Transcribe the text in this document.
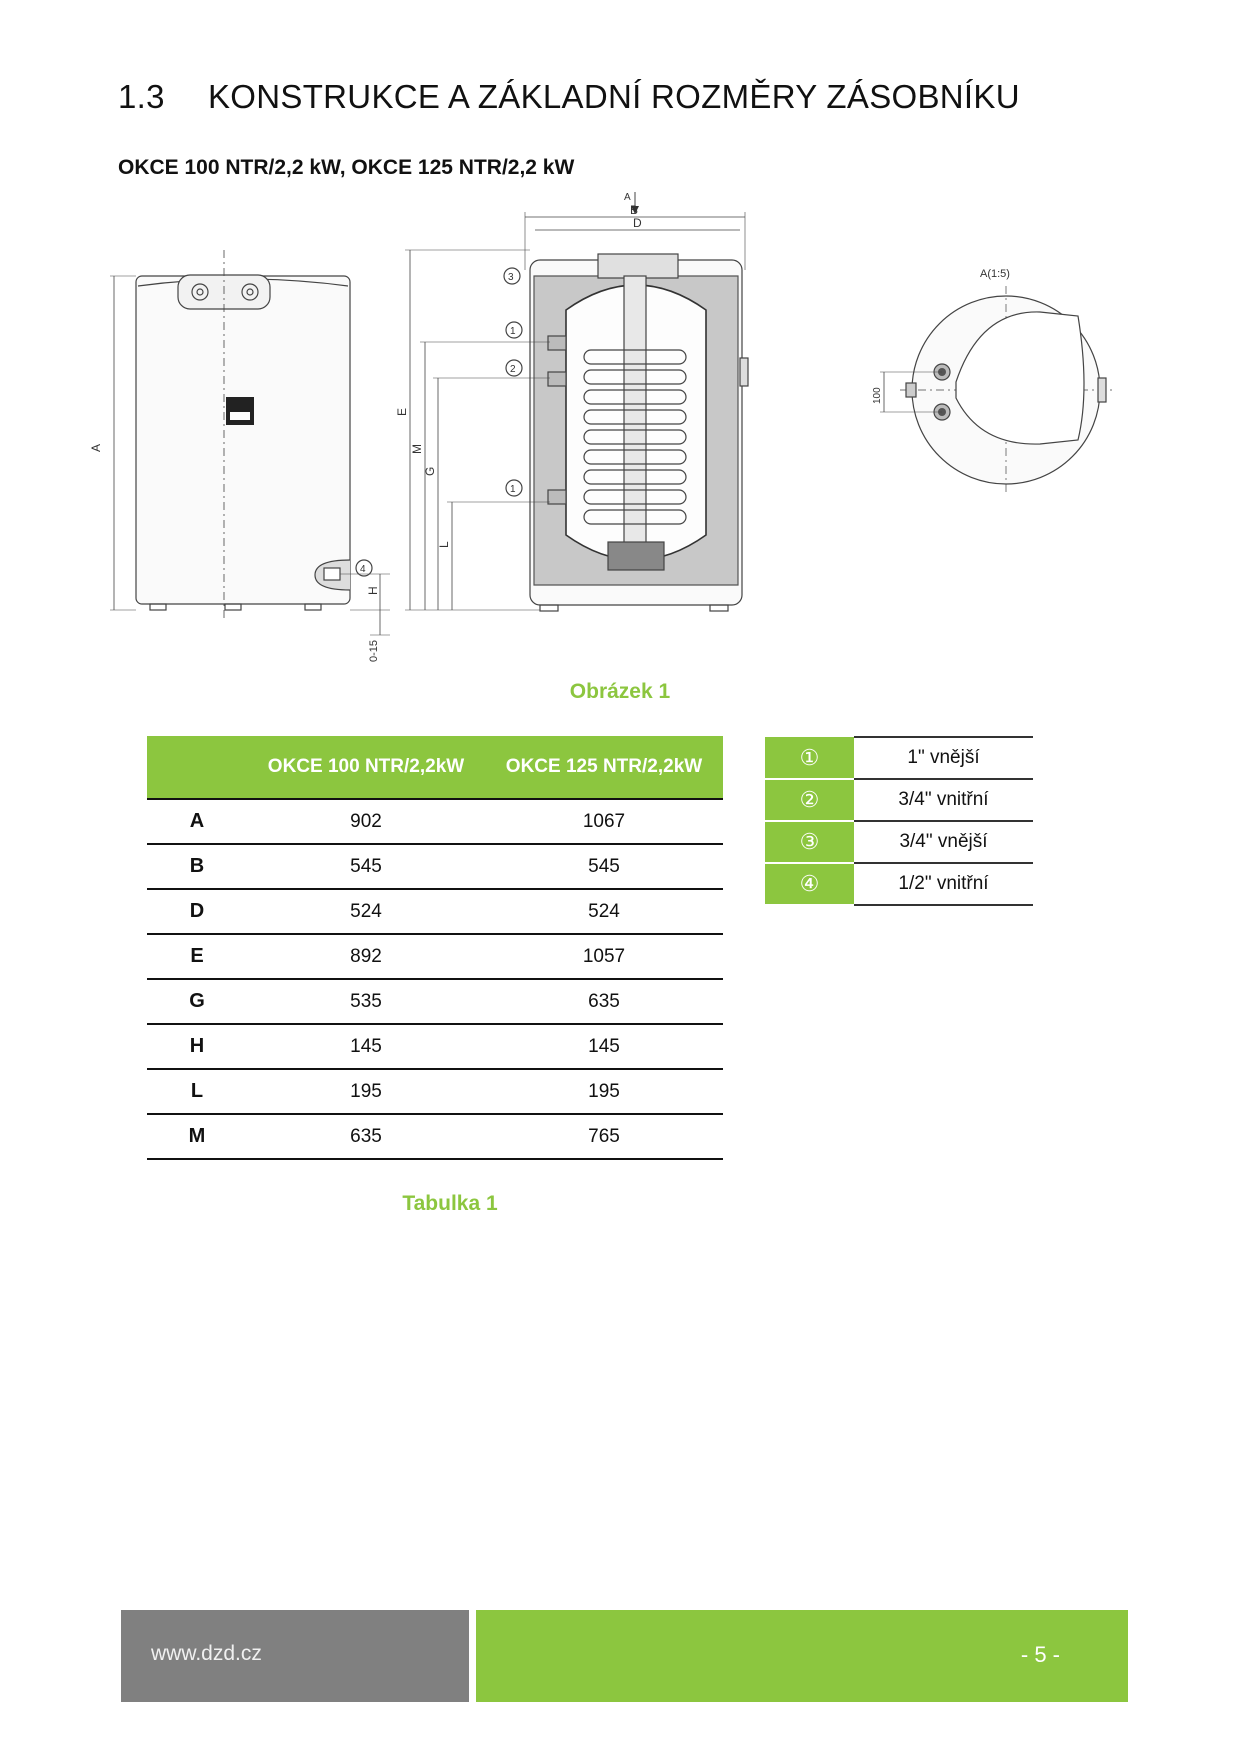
1.3 KONSTRUKCE A ZÁKLADNÍ ROZMĚRY ZÁSOBNÍKU
OKCE 100 NTR/2,2 kW, OKCE 125 NTR/2,2 kW
A
H
0-15
4
A
B
D
E
M
G
L
3
1
2
1
A(1:5)
100
Obrázek 1
	OKCE 100 NTR/2,2kW	OKCE 125 NTR/2,2kW
A	902	1067
B	545	545
D	524	524
E	892	1057
G	535	635
H	145	145
L	195	195
M	635	765
①	1" vnější
②	3/4" vnitřní
③	3/4" vnější
④	1/2" vnitřní
Tabulka 1
www.dzd.cz	- 5 -
